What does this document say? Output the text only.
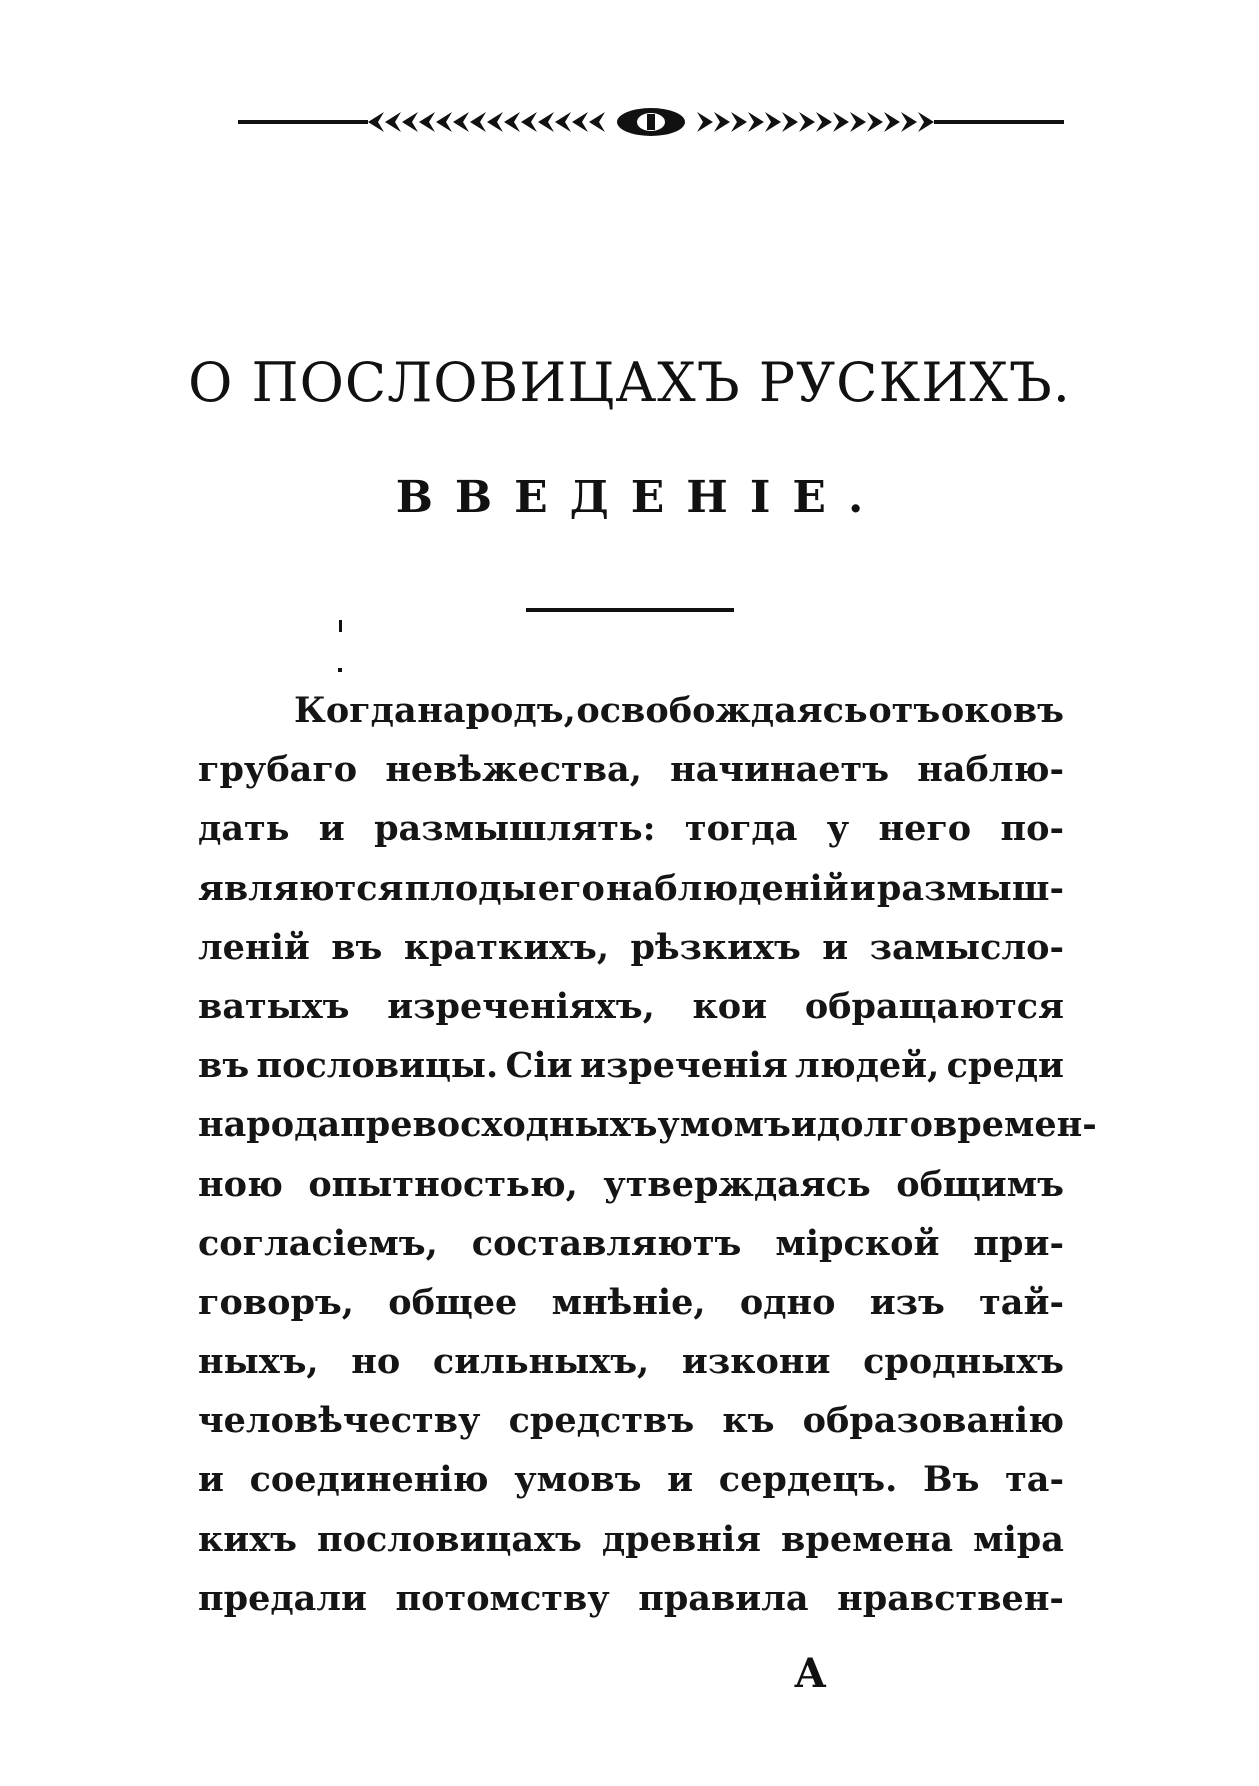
О ПОСЛОВИЦАХЪ РУСКИХЪ.
ВВЕДЕНІЕ.
Когда народъ, освобождаясь отъ оковъ
грубаго невѣжества, начинаетъ наблю-
дать и размышлять: тогда у него по-
являются плоды его наблюденій и размыш-
леній въ краткихъ, рѣзкихъ и замысло-
ватыхъ изреченіяхъ, кои обращаются
въ пословицы. Сіи изреченія людей, среди
народа превосходныхъ умомъ и долговремен-
ною опытностью, утверждаясь общимъ
согласіемъ, составляютъ мірской при-
говоръ, общее мнѣніе, одно изъ тай-
ныхъ, но сильныхъ, изкони сродныхъ
человѣчеству средствъ къ образованію
и соединенію умовъ и сердецъ. Въ та-
кихъ пословицахъ древнія времена міра
предали потомству правила нравствен-
А
